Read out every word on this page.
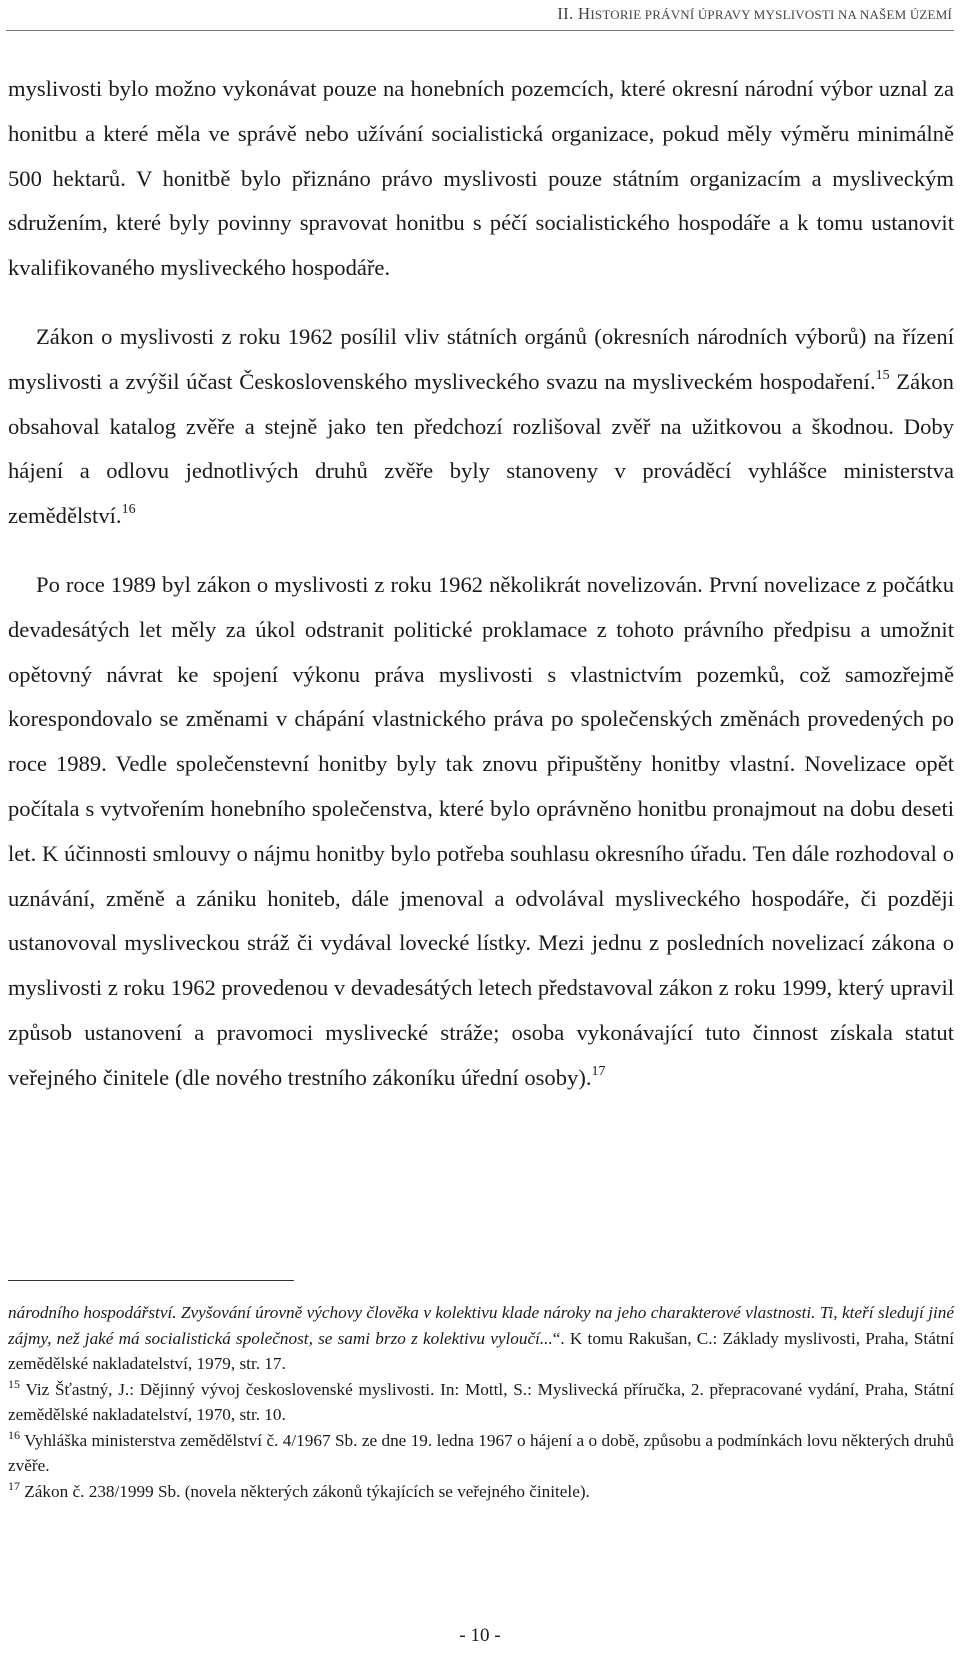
II. HISTORIE PRÁVNÍ ÚPRAVY MYSLIVOSTI NA NAŠEM ÚZEMÍ

myslivosti bylo možno vykonávat pouze na honebních pozemcích, které okresní národní výbor uznal za honitbu a které měla ve správě nebo užívání socialistická organizace, pokud měly výměru minimálně 500 hektarů. V honitbě bylo přiznáno právo myslivosti pouze státním organizacím a mysliveckým sdružením, které byly povinny spravovat honitbu s péčí socialistického hospodáře a k tomu ustanovit kvalifikovaného mysliveckého hospodáře.

Zákon o myslivosti z roku 1962 posílil vliv státních orgánů (okresních národních výborů) na řízení myslivosti a zvýšil účast Československého mysliveckého svazu na mysliveckém hospodaření.$^{15}$ Zákon obsahoval katalog zvěře a stejně jako ten předchozí rozlišoval zvěř na užitkovou a škodnou. Doby hájení a odlovu jednotlivých druhů zvěře byly stanoveny v prováděcí vyhlášce ministerstva zemědělství.$^{16}$

Po roce 1989 byl zákon o myslivosti z roku 1962 několikrát novelizován. První novelizace z počátku devadesátých let měly za úkol odstranit politické proklamace z tohoto právního předpisu a umožnit opětovný návrat ke spojení výkonu práva myslivosti s vlastnictvím pozemků, což samozřejmě korespondovalo se změnami v chápání vlastnického práva po společenských změnách provedených po roce 1989. Vedle společenstevní honitby byly tak znovu připuštěny honitby vlastní. Novelizace opět počítala s vytvořením honebního společenstva, které bylo oprávněno honitbu pronajmout na dobu deseti let. K účinnosti smlouvy o nájmu honitby bylo potřeba souhlasu okresního úřadu. Ten dále rozhodoval o uznávání, změně a zániku honiteb, dále jmenoval a odvolával mysliveckého hospodáře, či později ustanovoval mysliveckou stráž či vydával lovecké lístky. Mezi jednu z posledních novelizací zákona o myslivosti z roku 1962 provedenou v devadesátých letech představoval zákon z roku 1999, který upravil způsob ustanovení a pravomoci myslivecké stráže; osoba vykonávající tuto činnost získala statut veřejného činitele (dle nového trestního zákoníku úřední osoby).$^{17}$

národního hospodářství. Zvyšování úrovně výchovy člověka v kolektivu klade nároky na jeho charakterové vlastnosti. Ti, kteří sledují jiné zájmy, než jaké má socialistická společnost, se sami brzo z kolektivu vyloučí...“. K tomu Rakušan, C.: Základy myslivosti, Praha, Státní zemědělské nakladatelství, 1979, str. 17.

$^{15}$ Viz Šťastný, J.: Dějinný vývoj československé myslivosti. In: Mottl, S.: Myslivecká příručka, 2. přepracované vydání, Praha, Státní zemědělské nakladatelství, 1970, str. 10.

$^{16}$ Vyhláška ministerstva zemědělství č. 4/1967 Sb. ze dne 19. ledna 1967 o hájení a o době, způsobu a podmínkách lovu některých druhů zvěře.

$^{17}$ Zákon č. 238/1999 Sb. (novela některých zákonů týkajících se veřejného činitele).

- 10 -
